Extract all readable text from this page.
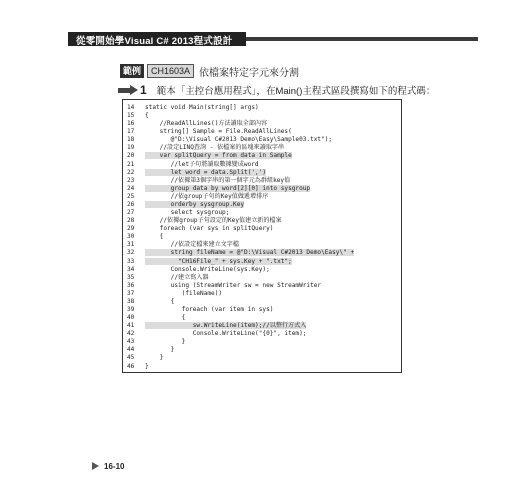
從零開始學Visual C# 2013程式設計
範例	CH1603A 依檔案特定字元來分割
1 範本「主控台應用程式」，在Main()主程式區段撰寫如下的程式碼：
14 static void Main(string[] args)
15 {
16    //ReadAllLines()方法讀取全部內容
17    string[] Sample = File.ReadAllLines(
18       @"D:\Visual C#2013 Demo\Easy\Sample03.txt");
19    //設定LINQ查詢 - 依檔案的區塊來讀取字串
20    var splitQuery = from data in Sample
21       //let子句將讀取數據變成word
22       let word = data.Split(',')
23       //依據第3個字串的第一個字元為群組key值
24       group data by word[2][0] into sysgroup
25       //依group子句的Key值做遞增排序
26       orderby sysgroup.Key
27       select sysgroup;
28    //依據group子句設定的Key值建立新的檔案
29    foreach (var sys in splitQuery)
30    {
31       //依設定檔來建立文字檔
32       string fileName = @"D:\Visual C#2013 Demo\Easy\" +
33         "CH16File_" + sys.Key + ".txt";
34       Console.WriteLine(sys.Key);
35       //建立寫入器
36       using (StreamWriter sw = new StreamWriter
37          (fileName))
38       {
39          foreach (var item in sys)
40          {
41             sw.WriteLine(item);//以整行方式入
42             Console.WriteLine("{0}", item);
43          }
44       }
45    }
46 }
16-10
